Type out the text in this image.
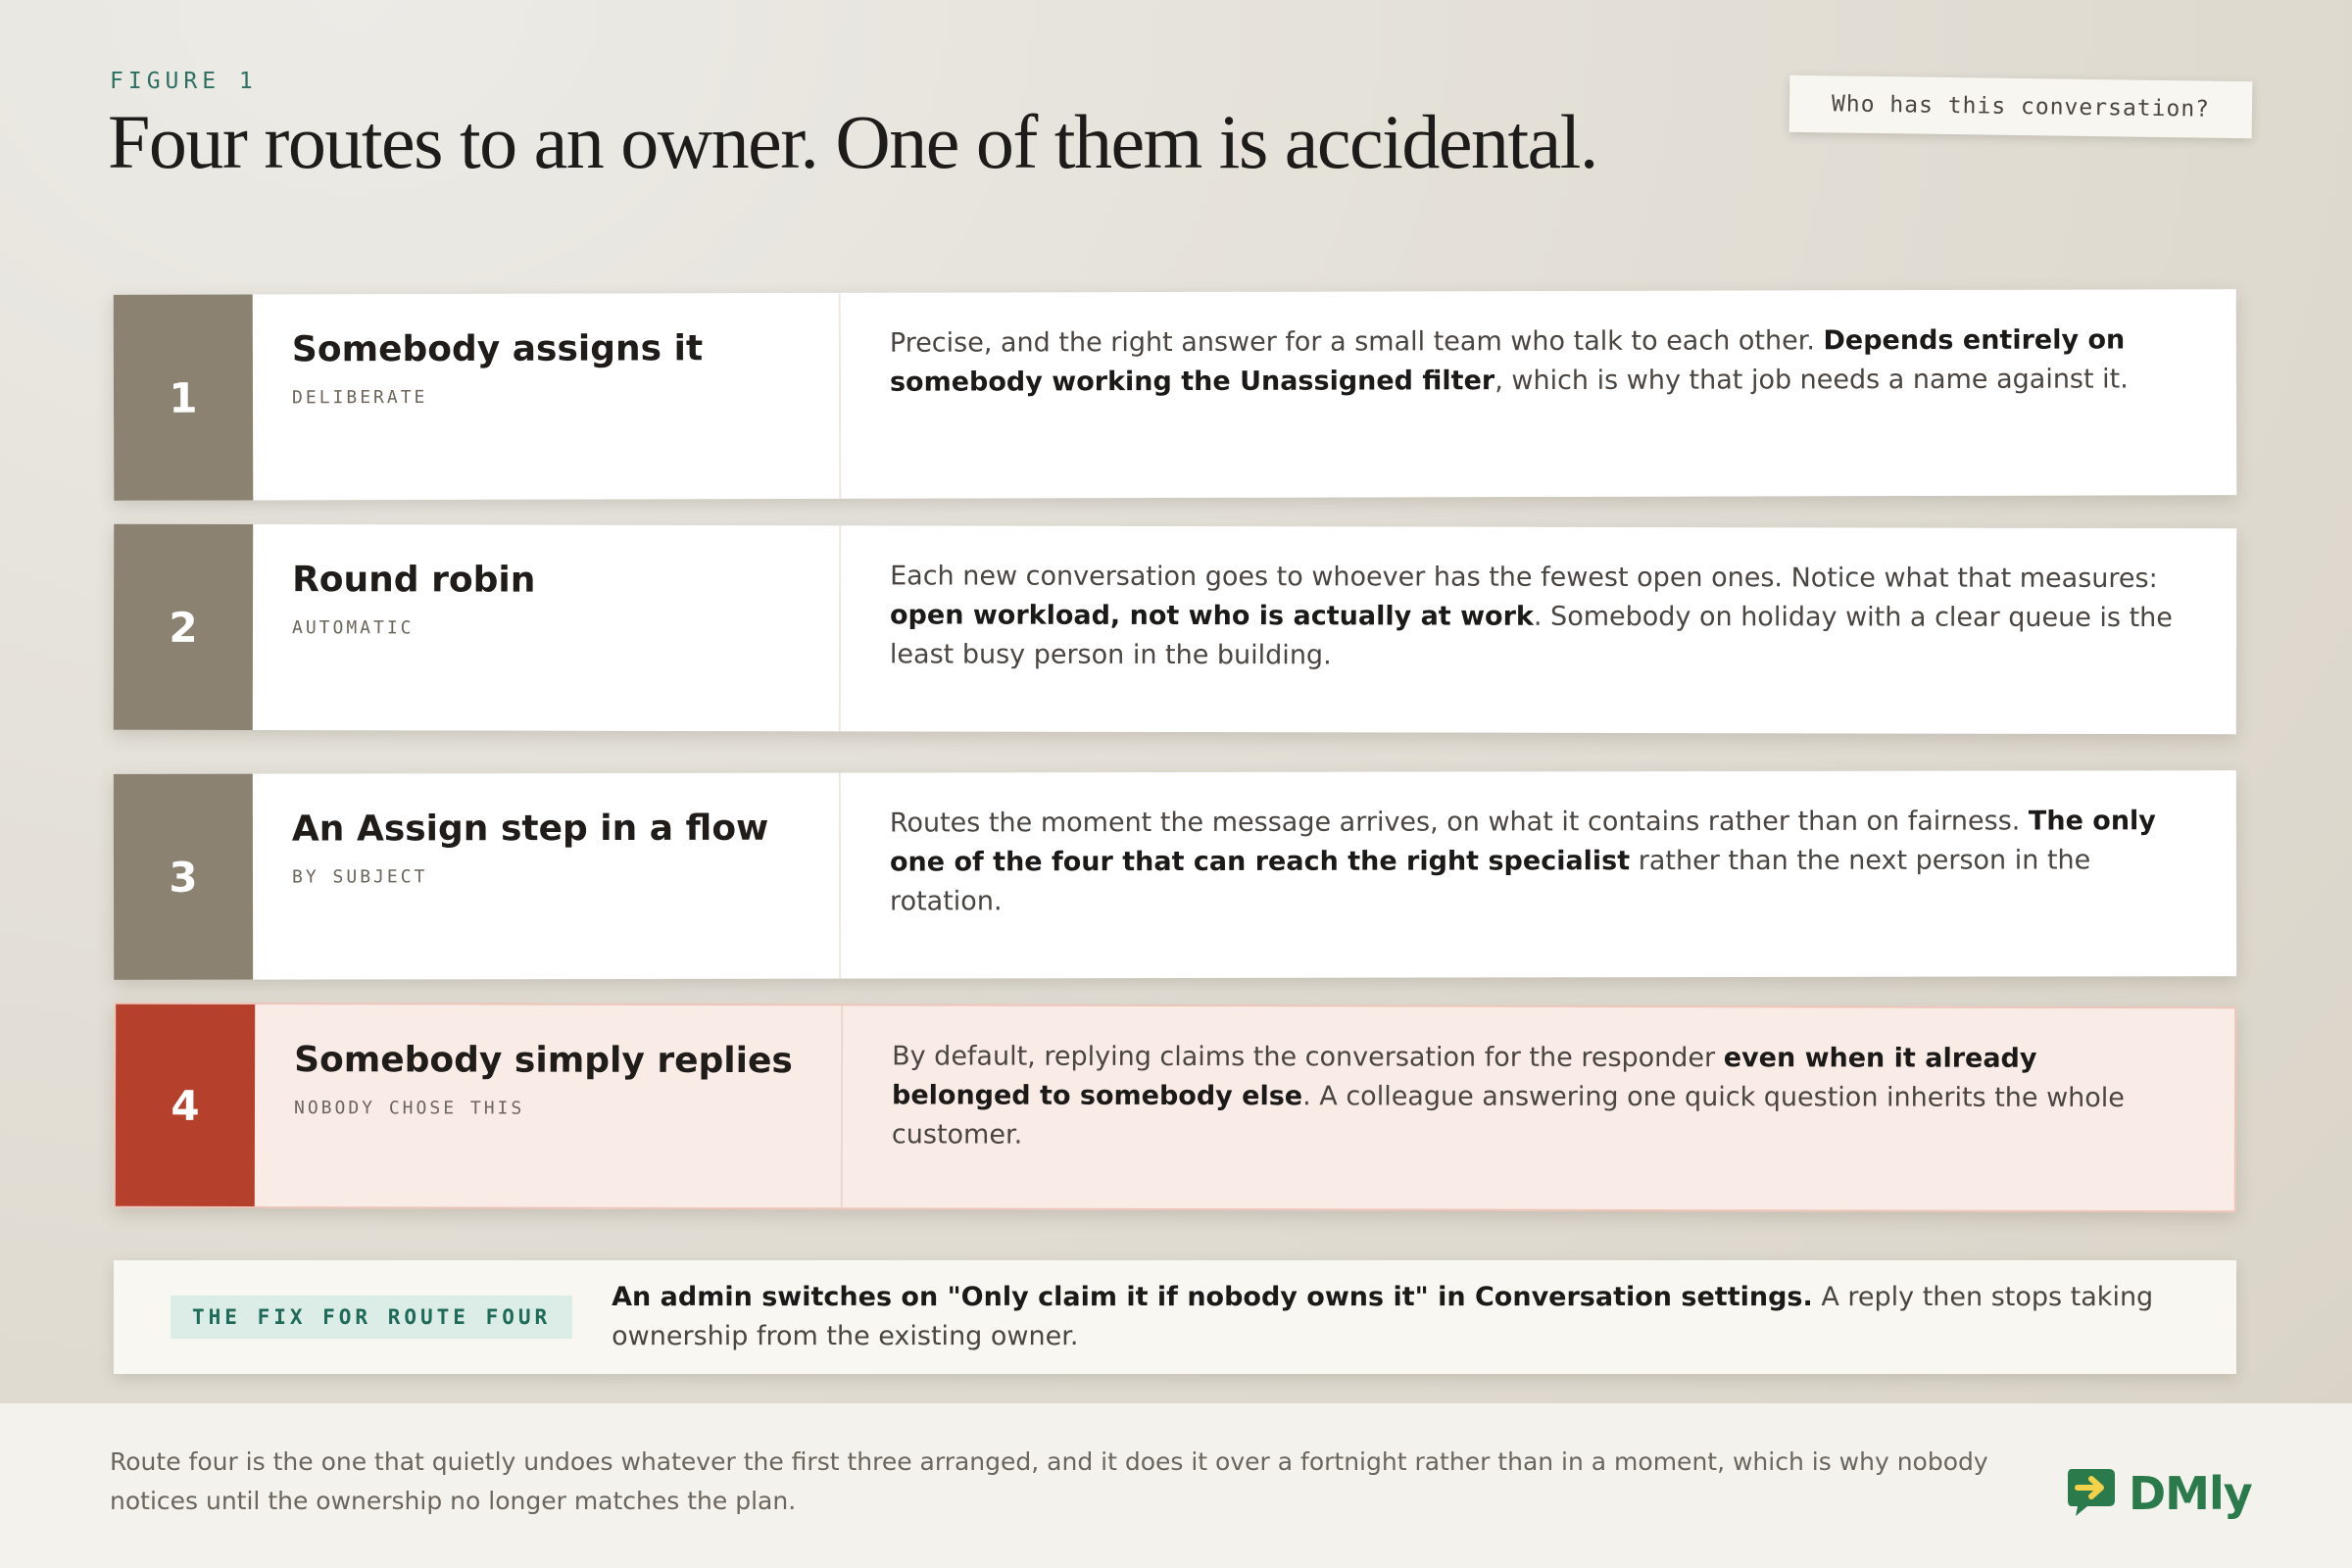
FIGURE 1
Four routes to an owner. One of them is accidental.	Who has this conversation?
1
Somebody assigns it
DELIBERATE
Precise, and the right answer for a small team who talk to each other. Depends entirely on somebody working the Unassigned filter, which is why that job needs a name against it.
2
Round robin
AUTOMATIC
Each new conversation goes to whoever has the fewest open ones. Notice what that measures: open workload, not who is actually at work. Somebody on holiday with a clear queue is the least busy person in the building.
3
An Assign step in a flow
BY SUBJECT
Routes the moment the message arrives, on what it contains rather than on fairness. The only one of the four that can reach the right specialist rather than the next person in the rotation.
4
Somebody simply replies
NOBODY CHOSE THIS
By default, replying claims the conversation for the responder even when it already belonged to somebody else. A colleague answering one quick question inherits the whole customer.
THE FIX FOR ROUTE FOUR
An admin switches on "Only claim it if nobody owns it" in Conversation settings. A reply then stops taking ownership from the existing owner.
Route four is the one that quietly undoes whatever the first three arranged, and it does it over a fortnight rather than in a moment, which is why nobody notices until the ownership no longer matches the plan.	DMly
